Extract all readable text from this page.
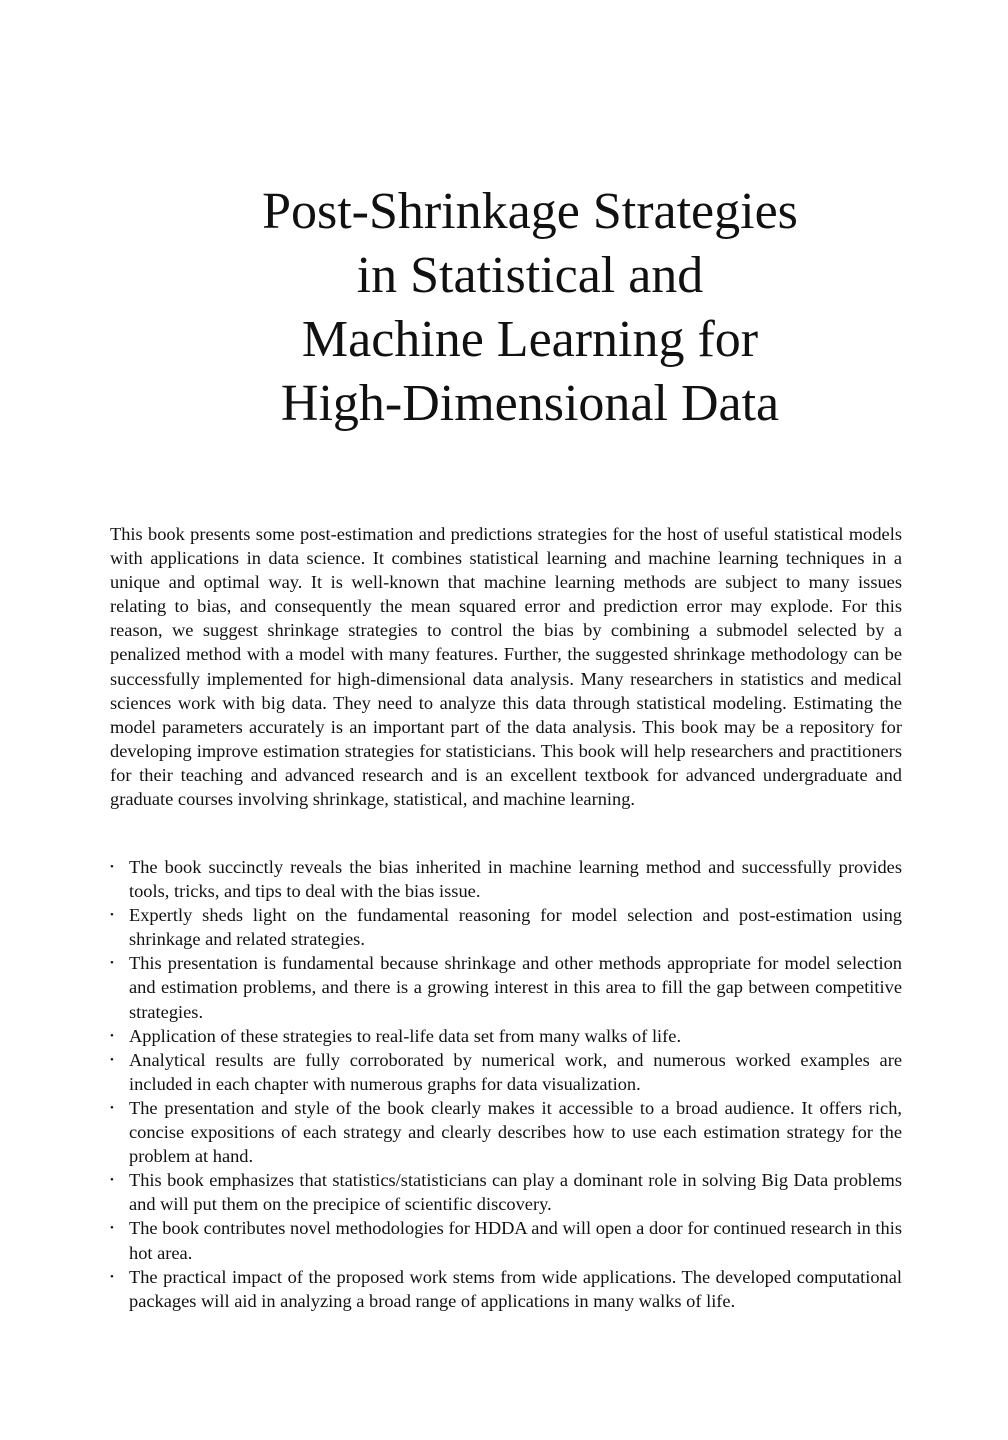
Post-Shrinkage Strategies
in Statistical and
Machine Learning for
High-Dimensional Data

This book presents some post-estimation and predictions strategies for the host of useful statistical models with applications in data science. It combines statistical learning and machine learning techniques in a unique and optimal way. It is well-known that machine learning methods are subject to many issues relating to bias, and consequently the mean squared error and prediction error may explode. For this reason, we suggest shrinkage strategies to control the bias by combining a submodel selected by a penalized method with a model with many features. Further, the suggested shrinkage methodology can be successfully implemented for high-dimensional data analysis. Many researchers in statistics and medical sciences work with big data. They need to analyze this data through statistical modeling. Estimating the model parameters accurately is an important part of the data analysis. This book may be a repository for developing improve estimation strategies for statisticians. This book will help researchers and practitioners for their teaching and advanced research and is an excellent textbook for advanced undergraduate and graduate courses involving shrinkage, statistical, and machine learning.

• The book succinctly reveals the bias inherited in machine learning method and successfully provides tools, tricks, and tips to deal with the bias issue.
• Expertly sheds light on the fundamental reasoning for model selection and post-estimation using shrinkage and related strategies.
• This presentation is fundamental because shrinkage and other methods appropriate for model selection and estimation problems, and there is a growing interest in this area to fill the gap between competitive strategies.
• Application of these strategies to real-life data set from many walks of life.
• Analytical results are fully corroborated by numerical work, and numerous worked examples are included in each chapter with numerous graphs for data visualization.
• The presentation and style of the book clearly makes it accessible to a broad audience. It offers rich, concise expositions of each strategy and clearly describes how to use each estimation strategy for the problem at hand.
• This book emphasizes that statistics/statisticians can play a dominant role in solving Big Data problems and will put them on the precipice of scientific discovery.
• The book contributes novel methodologies for HDDA and will open a door for continued research in this hot area.
• The practical impact of the proposed work stems from wide applications. The developed computational packages will aid in analyzing a broad range of applications in many walks of life.
